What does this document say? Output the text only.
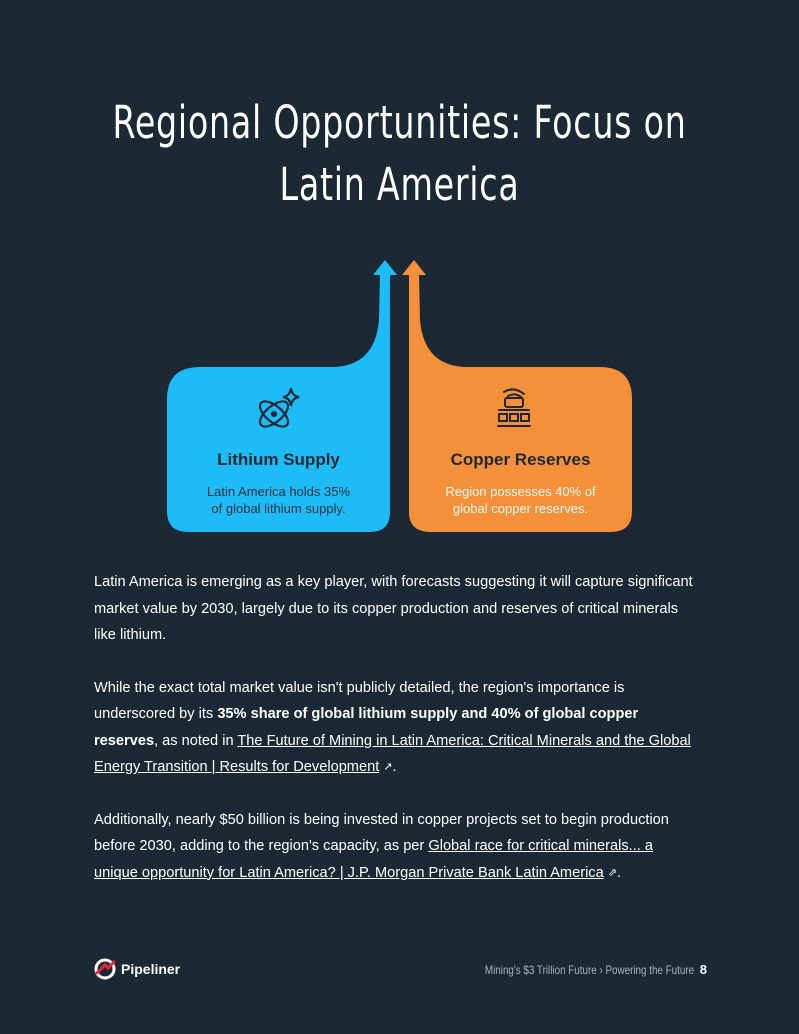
Regional Opportunities: Focus on Latin America
Lithium Supply
Latin America holds 35%
of global lithium supply.
Copper Reserves
Region possesses 40% of
global copper reserves.

Latin America is emerging as a key player, with forecasts suggesting it will capture significant market value by 2030, largely due to its copper production and reserves of critical minerals like lithium.

While the exact total market value isn't publicly detailed, the region's importance is underscored by its 35% share of global lithium supply and 40% of global copper reserves, as noted in The Future of Mining in Latin America: Critical Minerals and the Global Energy Transition | Results for Development ↗.

Additionally, nearly $50 billion is being invested in copper projects set to begin production before 2030, adding to the region's capacity, as per Global race for critical minerals... a unique opportunity for Latin America? | J.P. Morgan Private Bank Latin America ⇗.

Pipeliner	Mining's $3 Trillion Future › Powering the Future 8
